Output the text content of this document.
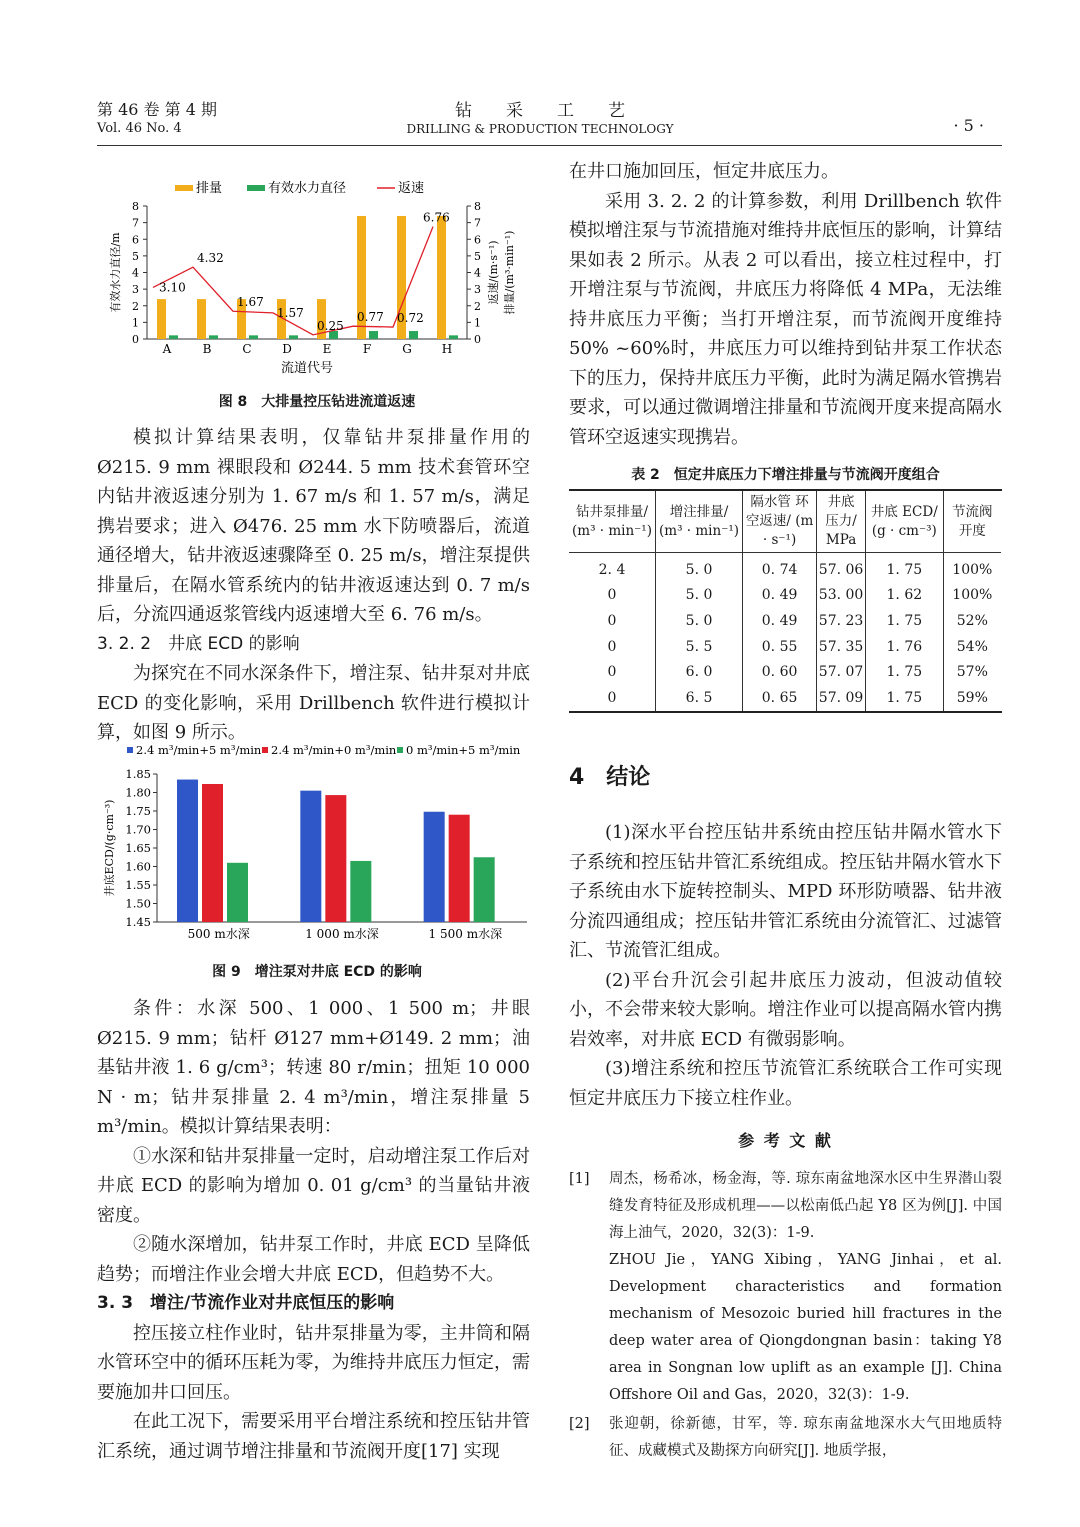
第 46 卷 第 4 期
Vol. 46 No. 4
钻　　采　　工　　艺
DRILLING & PRODUCTION TECHNOLOGY	· 5 ·
排量	有效水力直径	返速
0	0
1	1
2	2
3	3
4	4
5	5
6	6
7	7
8	8
有效水力直径/m	返速/(m·s⁻¹) 排量/(m³·min⁻¹)
流道代号
A	B	C	D	E	F	G H
3.10
4.32
1.67
1.57
0.25
0.77 0.72
6.76
图 8　大排量控压钻进流道返速

模拟计算结果表明，仅靠钻井泵排量作用的 Ø215. 9 mm 裸眼段和 Ø244. 5 mm 技术套管环空内钻井液返速分别为 1. 67 m/s 和 1. 57 m/s，满足携岩要求；进入 Ø476. 25 mm 水下防喷器后，流道通径增大，钻井液返速骤降至 0. 25 m/s，增注泵提供排量后，在隔水管系统内的钻井液返速达到 0. 7 m/s 后，分流四通返浆管线内返速增大至 6. 76 m/s。

3. 2. 2　井底 ECD 的影响

为探究在不同水深条件下，增注泵、钻井泵对井底 ECD 的变化影响，采用 Drillbench 软件进行模拟计算，如图 9 所示。

2.4 m³/min+5 m³/min 2.4 m³/min+0 m³/min 0 m³/min+5 m³/min
1.45
1.50
1.55
1.60
1.65
1.70
1.75
1.80
1.85
井底ECD/(g·cm⁻³)
500 m水深	1 000 m水深	1 500 m水深
图 9　增注泵对井底 ECD 的影响

条件：水深 500、1 000、1 500 m；井眼 Ø215. 9 mm；钻杆 Ø127 mm+Ø149. 2 mm；油基钻井液 1. 6 g/cm³；转速 80 r/min；扭矩 10 000 N · m；钻井泵排量 2. 4 m³/min，增注泵排量 5 m³/min。模拟计算结果表明：

①水深和钻井泵排量一定时，启动增注泵工作后对井底 ECD 的影响为增加 0. 01 g/cm³ 的当量钻井液密度。

②随水深增加，钻井泵工作时，井底 ECD 呈降低趋势；而增注作业会增大井底 ECD，但趋势不大。

3. 3　增注/节流作业对井底恒压的影响

控压接立柱作业时，钻井泵排量为零，主井筒和隔水管环空中的循环压耗为零，为维持井底压力恒定，需要施加井口回压。

在此工况下，需要采用平台增注系统和控压钻井管汇系统，通过调节增注排量和节流阀开度[17] 实现

在井口施加回压，恒定井底压力。

采用 3. 2. 2 的计算参数，利用 Drillbench 软件模拟增注泵与节流措施对维持井底恒压的影响，计算结果如表 2 所示。从表 2 可以看出，接立柱过程中，打开增注泵与节流阀，井底压力将降低 4 MPa，无法维持井底压力平衡；当打开增注泵，而节流阀开度维持 50% ~60%时，井底压力可以维持到钻井泵工作状态下的压力，保持井底压力平衡，此时为满足隔水管携岩要求，可以通过微调增注排量和节流阀开度来提高隔水管环空返速实现携岩。

表 2　恒定井底压力下增注排量与节流阀开度组合
钻井泵排量/ (m³ · min⁻¹)	增注排量/ (m³ · min⁻¹)	隔水管 环空返速/ (m · s⁻¹)	井底 压力/ MPa	井底 ECD/ (g · cm⁻³)	节流阀 开度
2. 4	5. 0	0. 74	57. 06	1. 75	100%
0	5. 0	0. 49	53. 00	1. 62	100%
0	5. 0	0. 49	57. 23	1. 75	52%
0	5. 5	0. 55	57. 35	1. 76	54%
0	6. 0	0. 60	57. 07	1. 75	57%
0	6. 5	0. 65	57. 09	1. 75	59%
4　结论

(1)深水平台控压钻井系统由控压钻井隔水管水下子系统和控压钻井管汇系统组成。控压钻井隔水管水下子系统由水下旋转控制头、MPD 环形防喷器、钻井液分流四通组成；控压钻井管汇系统由分流管汇、过滤管汇、节流管汇组成。

(2)平台升沉会引起井底压力波动，但波动值较小，不会带来较大影响。增注作业可以提高隔水管内携岩效率，对井底 ECD 有微弱影响。

(3)增注系统和控压节流管汇系统联合工作可实现恒定井底压力下接立柱作业。

参 考 文 献
[1]	周杰，杨希冰，杨金海，等. 琼东南盆地深水区中生界潜山裂缝发育特征及形成机理——以松南低凸起 Y8 区为例[J]. 中国海上油气，2020，32(3)：1-9.
ZHOU Jie，YANG Xibing，YANG Jinhai，et al. Development characteristics and formation mechanism of Mesozoic buried hill fractures in the deep water area of Qiongdongnan basin：taking Y8 area in Songnan low uplift as an example [J]. China Offshore Oil and Gas，2020，32(3)：1-9.
[2]	张迎朝，徐新德，甘军，等. 琼东南盆地深水大气田地质特征、成藏模式及勘探方向研究[J]. 地质学报，
